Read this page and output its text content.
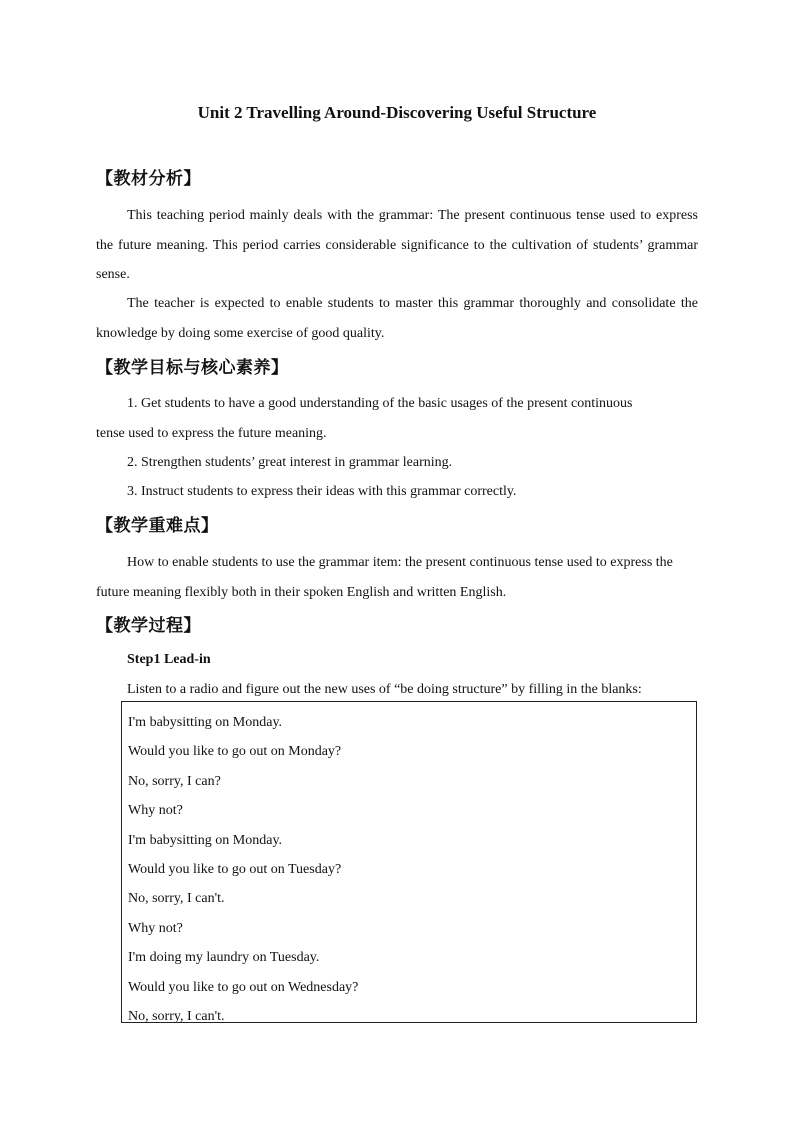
Unit 2 Travelling Around-Discovering Useful Structure
【教材分析】
This teaching period mainly deals with the grammar: The present continuous tense used to express the future meaning. This period carries considerable significance to the cultivation of students’ grammar sense.
The teacher is expected to enable students to master this grammar thoroughly and consolidate the knowledge by doing some exercise of good quality.
【教学目标与核心素养】
1. Get students to have a good understanding of the basic usages of the present continuous tense used to express the future meaning.
2. Strengthen students’ great interest in grammar learning.
3. Instruct students to express their ideas with this grammar correctly.
【教学重难点】
How to enable students to use the grammar item: the present continuous tense used to express the future meaning flexibly both in their spoken English and written English.
【教学过程】
Step1 Lead-in
Listen to a radio and figure out the new uses of “be doing structure” by filling in the blanks:
I'm babysitting on Monday.
Would you like to go out on Monday?
No, sorry, I can?
Why not?
I'm babysitting on Monday.
Would you like to go out on Tuesday?
No, sorry, I can't.
Why not?
I'm doing my laundry on Tuesday.
Would you like to go out on Wednesday?
No, sorry, I can't.
